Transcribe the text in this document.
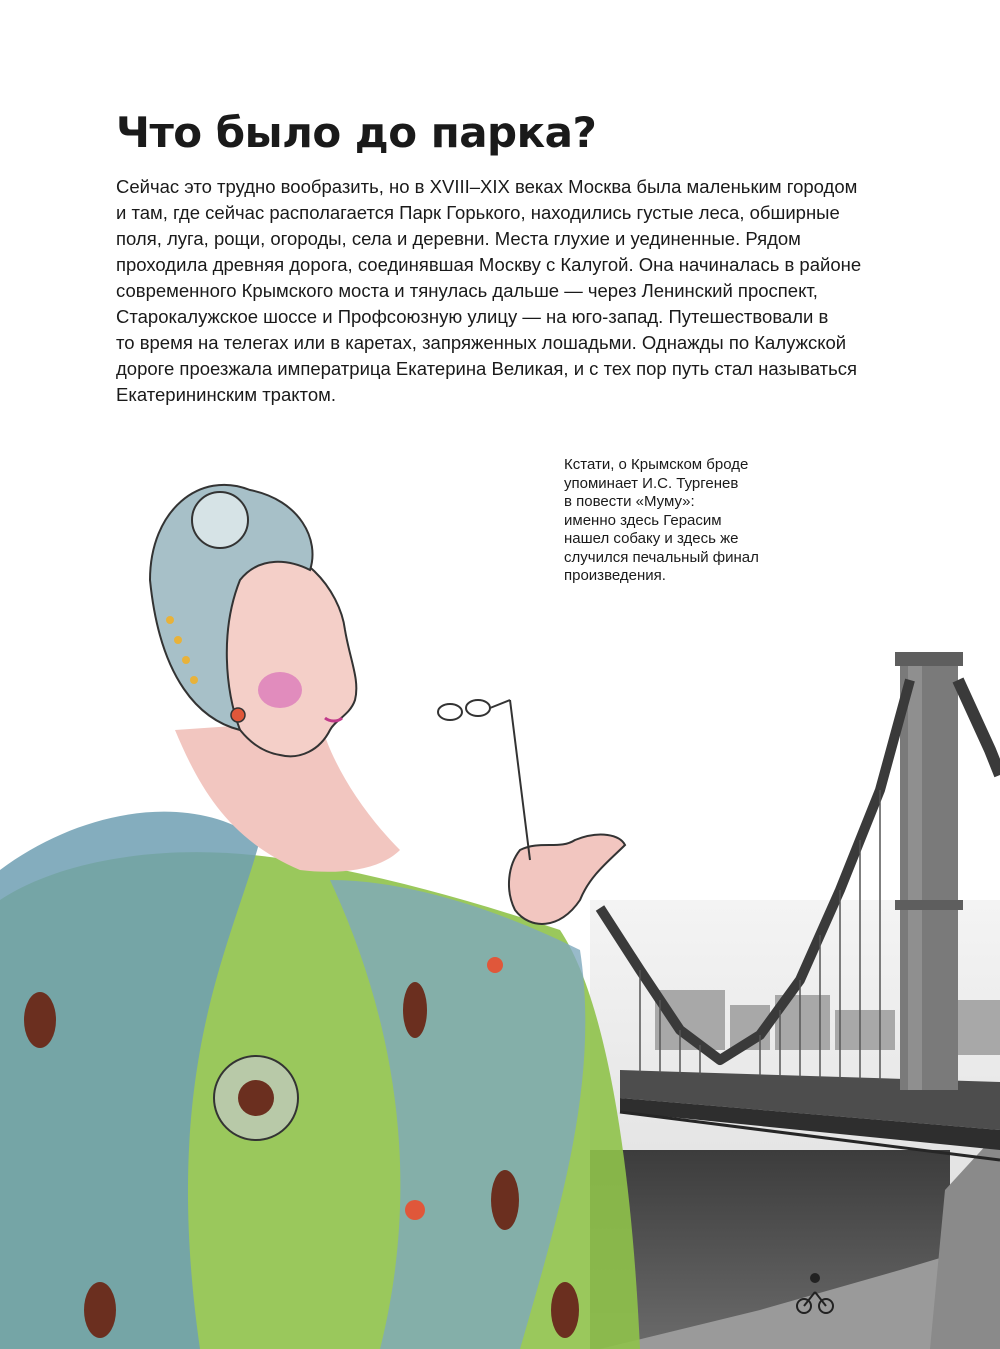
Что было до парка?
Сейчас это трудно вообразить, но в XVIII–XIX веках Москва была маленьким городом
и там, где сейчас располагается Парк Горького, находились густые леса, обширные
поля, луга, рощи, огороды, села и деревни. Места глухие и уединенные. Рядом
проходила древняя дорога, соединявшая Москву с Калугой. Она начиналась в районе
современного Крымского моста и тянулась дальше — через Ленинский проспект,
Старокалужское шоссе и Профсоюзную улицу — на юго-запад. Путешествовали в
то время на телегах или в каретах, запряженных лошадьми. Однажды по Калужской
дороге проезжала императрица Екатерина Великая, и с тех пор путь стал называться
Екатерининским трактом.
Кстати, о Крымском броде
упоминает И.С. Тургенев
в повести «Муму»:
именно здесь Герасим
нашел собаку и здесь же
случился печальный финал
произведения.
